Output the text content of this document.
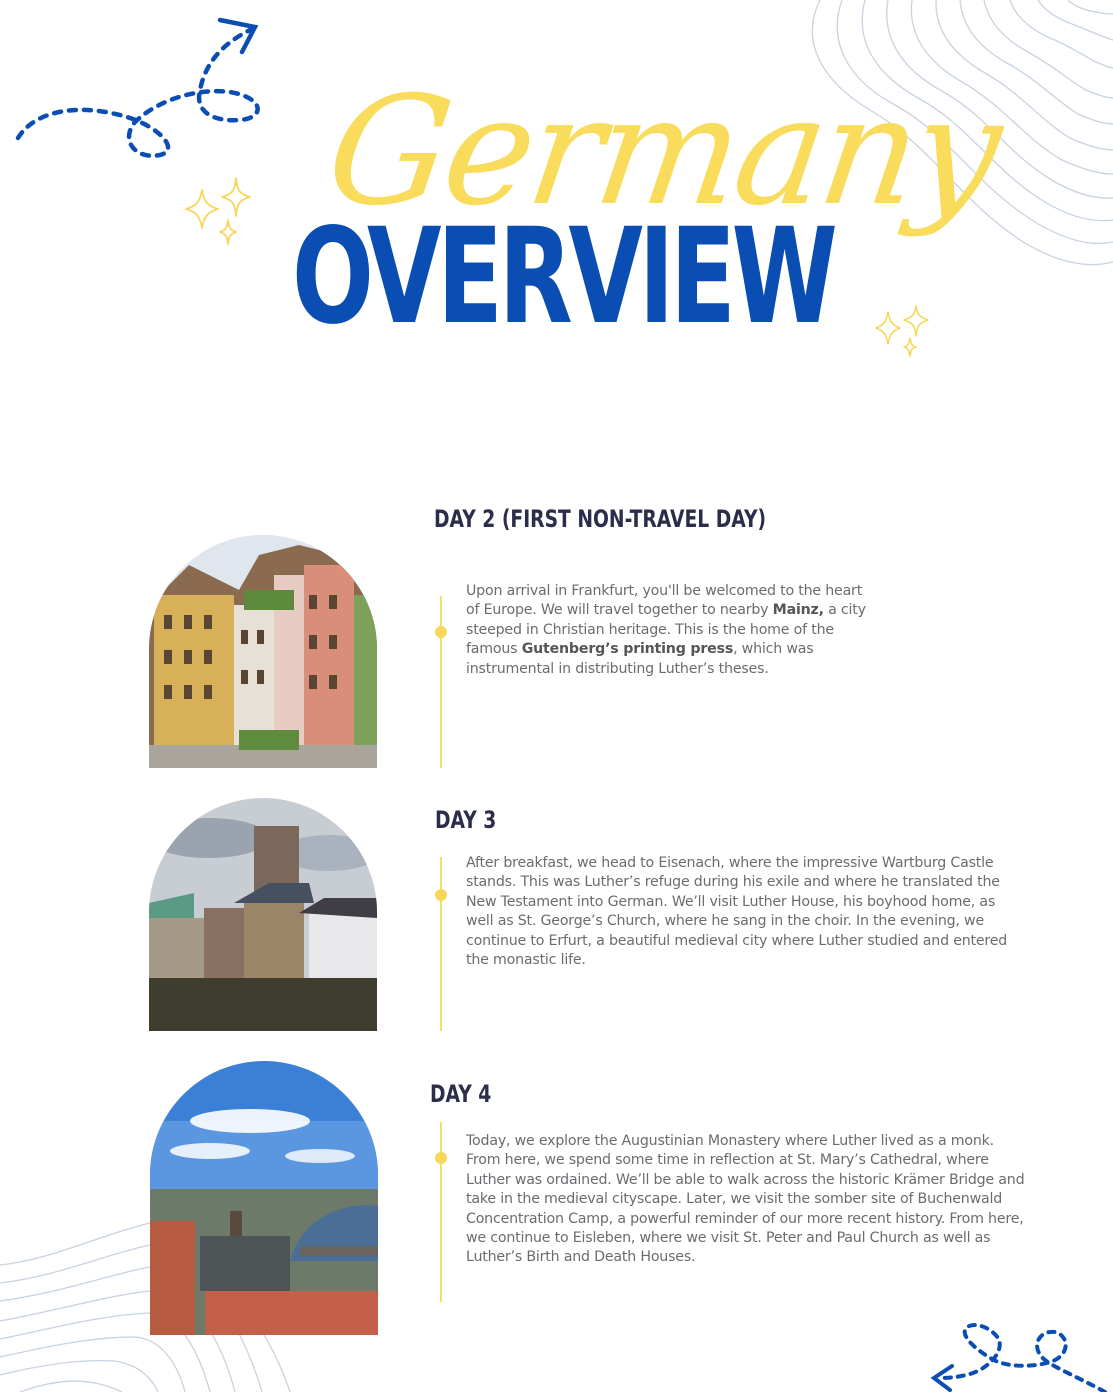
Germany
OVERVIEW
DAY 2 (FIRST NON-TRAVEL DAY)
Upon arrival in Frankfurt, you'll be welcomed to the heart of Europe. We will travel together to nearby Mainz, a city steeped in Christian heritage. This is the home of the famous Gutenberg’s printing press, which was instrumental in distributing Luther’s theses.
DAY 3
After breakfast, we head to Eisenach, where the impressive Wartburg Castle stands. This was Luther’s refuge during his exile and where he translated the New Testament into German. We’ll visit Luther House, his boyhood home, as well as St. George’s Church, where he sang in the choir. In the evening, we continue to Erfurt, a beautiful medieval city where Luther studied and entered the monastic life.
DAY 4
Today, we explore the Augustinian Monastery where Luther lived as a monk. From here, we spend some time in reflection at St. Mary’s Cathedral, where Luther was ordained. We’ll be able to walk across the historic Krämer Bridge and take in the medieval cityscape. Later, we visit the somber site of Buchenwald Concentration Camp, a powerful reminder of our more recent history. From here, we continue to Eisleben, where we visit St. Peter and Paul Church as well as Luther’s Birth and Death Houses.
